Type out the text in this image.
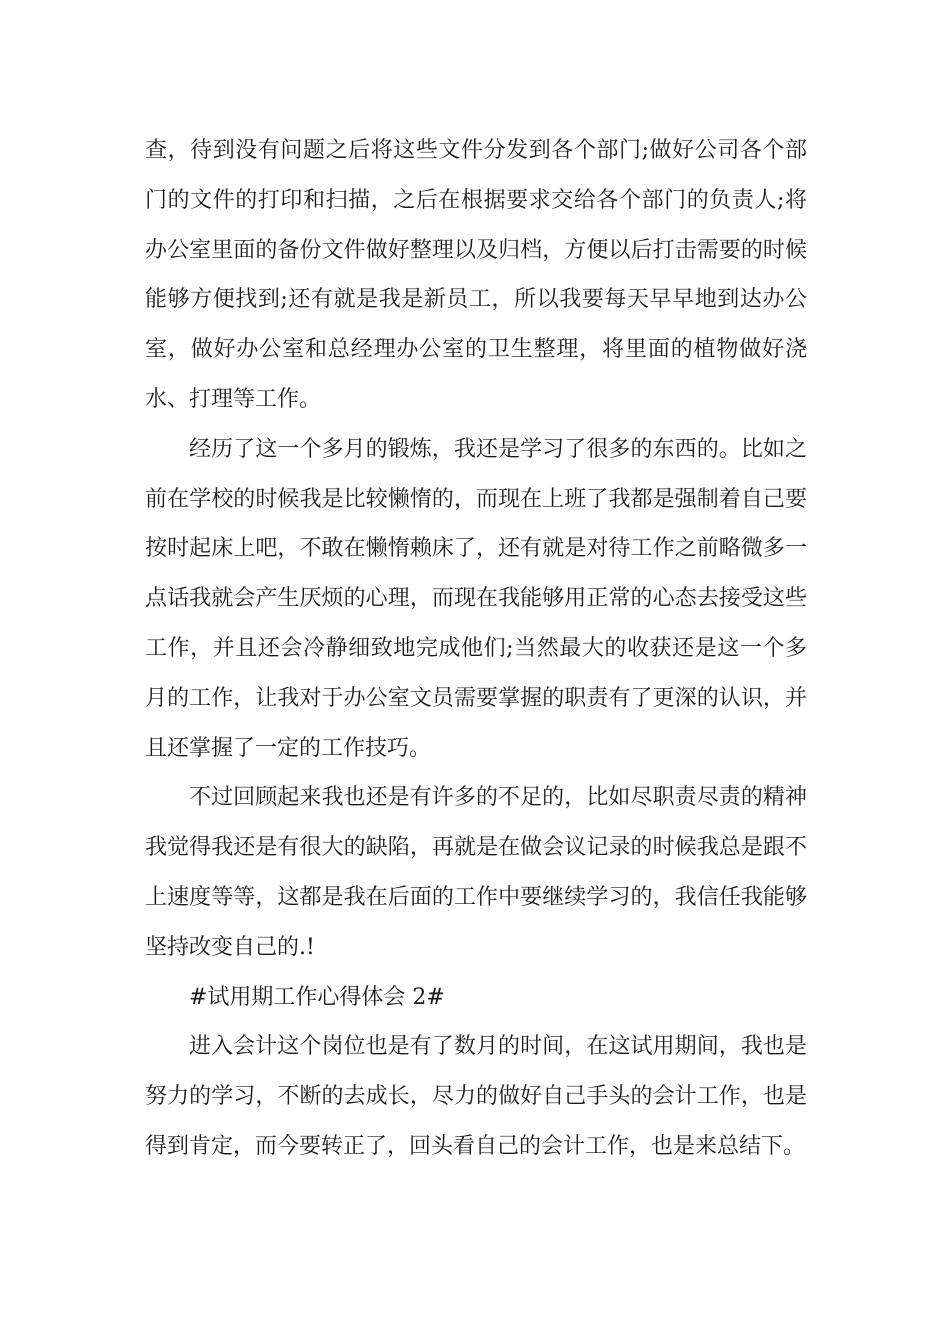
查，待到没有问题之后将这些文件分发到各个部门;做好公司各个部门的文件的打印和扫描，之后在根据要求交给各个部门的负责人;将办公室里面的备份文件做好整理以及归档，方便以后打击需要的时候能够方便找到;还有就是我是新员工，所以我要每天早早地到达办公室，做好办公室和总经理办公室的卫生整理，将里面的植物做好浇水、打理等工作。

经历了这一个多月的锻炼，我还是学习了很多的东西的。比如之前在学校的时候我是比较懒惰的，而现在上班了我都是强制着自己要按时起床上吧，不敢在懒惰赖床了，还有就是对待工作之前略微多一点话我就会产生厌烦的心理，而现在我能够用正常的心态去接受这些工作，并且还会冷静细致地完成他们;当然最大的收获还是这一个多月的工作，让我对于办公室文员需要掌握的职责有了更深的认识，并且还掌握了一定的工作技巧。

不过回顾起来我也还是有许多的不足的，比如尽职责尽责的精神我觉得我还是有很大的缺陷，再就是在做会议记录的时候我总是跟不上速度等等，这都是我在后面的工作中要继续学习的，我信任我能够坚持改变自己的.!

#试用期工作心得体会 2#

进入会计这个岗位也是有了数月的时间，在这试用期间，我也是努力的学习，不断的去成长，尽力的做好自己手头的会计工作，也是得到肯定，而今要转正了，回头看自己的会计工作，也是来总结下。
